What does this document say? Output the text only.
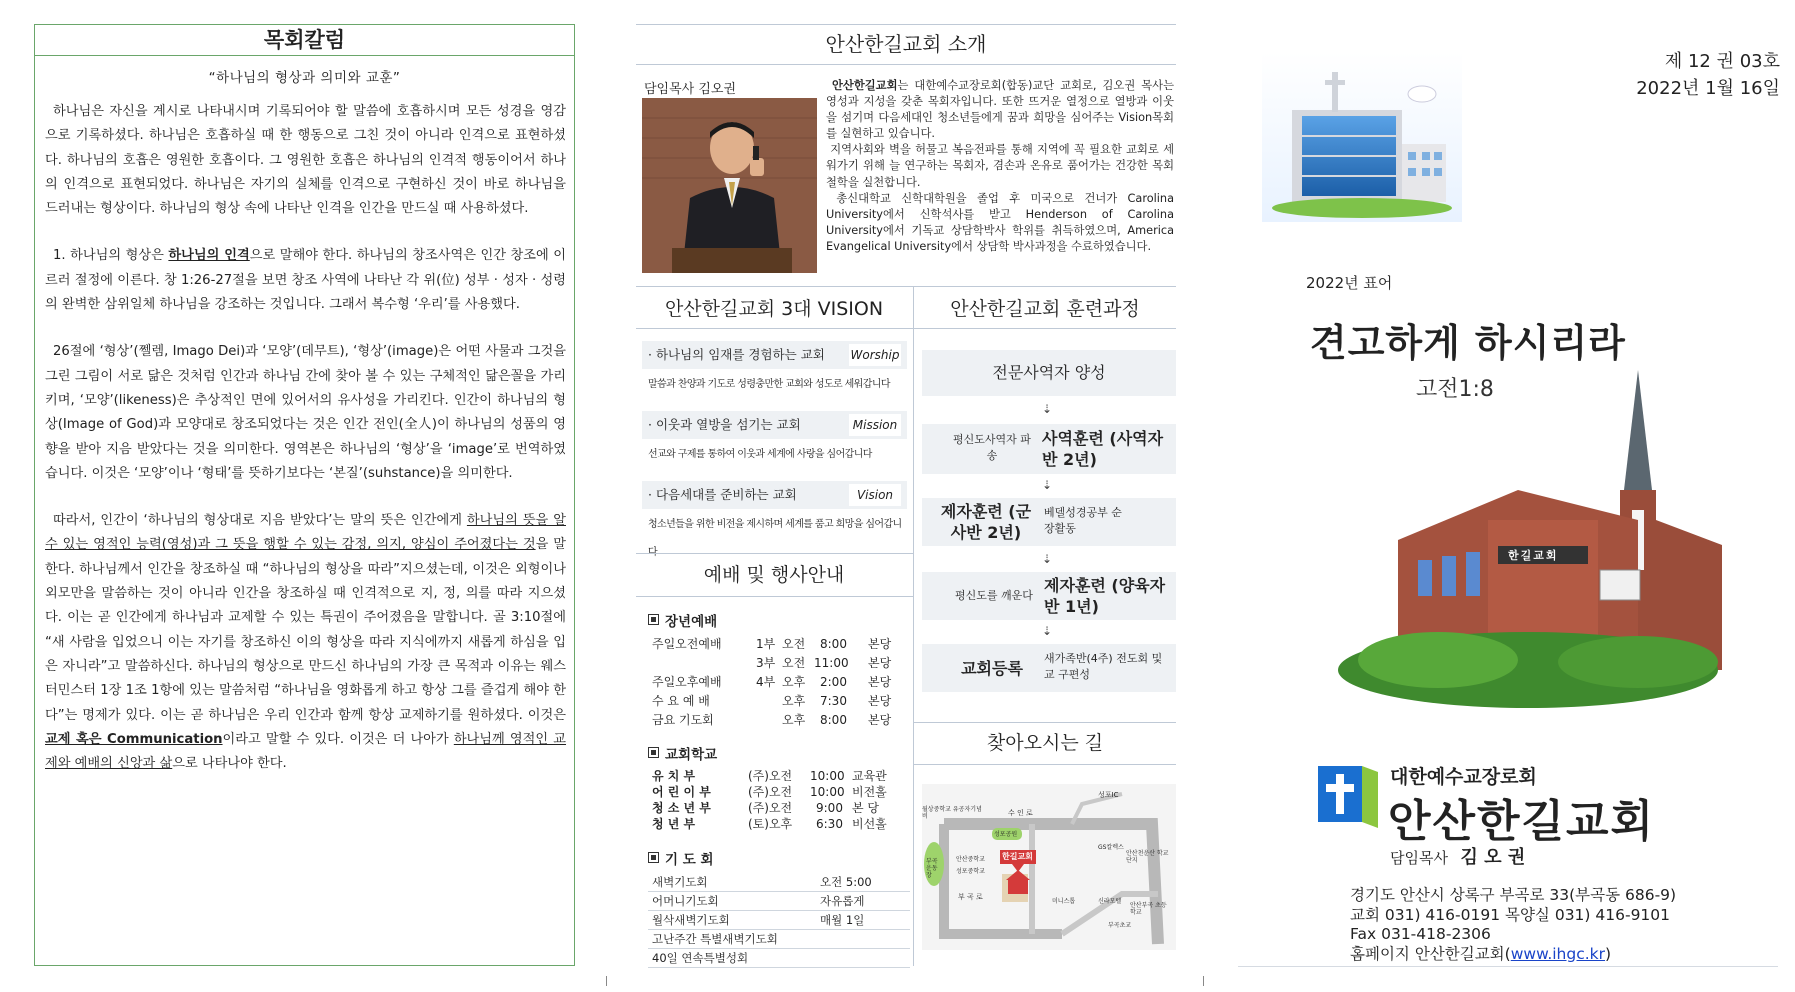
목회칼럼
“하나님의 형상과 의미와 교훈”

하나님은 자신을 계시로 나타내시며 기록되어야 할 말씀에 호흡하시며 모든 성경을 영감으로 기록하셨다. 하나님은 호흡하실 때 한 행동으로 그친 것이 아니라 인격으로 표현하셨다. 하나님의 호흡은 영원한 호흡이다. 그 영원한 호흡은 하나님의 인격적 행동이어서 하나의 인격으로 표현되었다. 하나님은 자기의 실체를 인격으로 구현하신 것이 바로 하나님을 드러내는 형상이다. 하나님의 형상 속에 나타난 인격을 인간을 만드실 때 사용하셨다.

1. 하나님의 형상은 하나님의 인격으로 말해야 한다. 하나님의 창조사역은 인간 창조에 이르러 절정에 이른다. 창 1:26-27절을 보면 창조 사역에 나타난 각 위(位) 성부 · 성자 · 성령의 완벽한 삼위일체 하나님을 강조하는 것입니다. 그래서 복수형 ‘우리’를 사용했다.

26절에 ‘형상’(쩰렘, Imago Dei)과 ‘모양’(데무트), ‘형상’(image)은 어떤 사물과 그것을 그린 그림이 서로 닮은 것처럼 인간과 하나님 간에 찾아 볼 수 있는 구체적인 닮은꼴을 가리키며, ‘모양’(likeness)은 추상적인 면에 있어서의 유사성을 가리킨다. 인간이 하나님의 형상(Image of God)과 모양대로 창조되었다는 것은 인간 전인(全人)이 하나님의 성품의 영향을 받아 지음 받았다는 것을 의미한다. 영역본은 하나님의 ‘형상’을 ‘image’로 번역하였습니다. 이것은 ‘모양’이나 ‘형태’를 뜻하기보다는 ‘본질’(suhstance)을 의미한다.

따라서, 인간이 ‘하나님의 형상대로 지음 받았다’는 말의 뜻은 인간에게 하나님의 뜻을 알 수 있는 영적인 능력(영성)과 그 뜻을 행할 수 있는 감정, 의지, 양심이 주어졌다는 것을 말한다. 하나님께서 인간을 창조하실 때 “하나님의 형상을 따라”지으셨는데, 이것은 외형이나 외모만을 말씀하는 것이 아니라 인간을 창조하실 때 인격적으로 지, 정, 의를 따라 지으셨다. 이는 곧 인간에게 하나님과 교제할 수 있는 특권이 주어졌음을 말합니다. 골 3:10절에 “새 사람을 입었으니 이는 자기를 창조하신 이의 형상을 따라 지식에까지 새롭게 하심을 입은 자니라”고 말씀하신다. 하나님의 형상으로 만드신 하나님의 가장 큰 목적과 이유는 웨스터민스터 1장 1조 1항에 있는 말씀처럼 “하나님을 영화롭게 하고 항상 그를 즐겁게 해야 한다”는 명제가 있다. 이는 곧 하나님은 우리 인간과 함께 항상 교제하기를 원하셨다. 이것은 교제 혹은 Communication이라고 말할 수 있다. 이것은 더 나아가 하나님께 영적인 교제와 예배의 신앙과 삶으로 나타나야 한다.

안산한길교회 소개
담임목사 김오권	안산한길교회는 대한예수교장로회(합동)교단 교회로, 김오권 목사는 영성과 지성을 갖춘 목회자입니다. 또한 뜨거운 열정으로 열방과 이웃을 섬기며 다음세대인 청소년들에게 꿈과 희망을 심어주는 Vision목회를 실현하고 있습니다.
지역사회와 벽을 허물고 복음전파를 통해 지역에 꼭 필요한 교회로 세워가기 위해 늘 연구하는 목회자, 겸손과 온유로 품어가는 건강한 목회철학을 실천합니다.
총신대학교 신학대학원을 졸업 후 미국으로 건너가 Carolina University에서 신학석사를 받고 Henderson of Carolina University에서 기독교 상담학박사 학위를 취득하였으며, America Evangelical University에서 상담학 박사과정을 수료하였습니다.
안산한길교회 3대 VISION	안산한길교회 훈련과정
· 하나님의 임재를 경험하는 교회 Worship
말씀과 찬양과 기도로 성령충만한 교회와 성도로 세워갑니다
· 이웃과 열방을 섬기는 교회	Mission
선교와 구제를 통하여 이웃과 세계에 사랑을 심어갑니다
· 다음세대를 준비하는 교회	Vision
청소년들을 위한 비전을 제시하며 세계를 품고 희망을 심어갑니
예배 및 행사안내
장년예배
주일오전예배	1부 오전 8:00 본당
3부 오전 11:00 본당
주일오후예배	4부 오후 2:00 본당
수 요 예 배	오후 7:30 본당
금요 기도회	오후 8:00 본당
교회학교
유 치 부	(주)오전 10:00 교육관
어 린 이 부	(주)오전 10:00 비전홀
청 소 년 부	(주)오전 9:00 본 당
청 년 부	(토)오후 6:30 비선홀
기 도 회
새벽기도회	오전 5:00
어머니기도회	자유롭게
월삭새벽기도회	매월 1일
고난주간 특별새벽기도회
40일 연속특별성회
전문사역자 양성
⇣
평신도사역자 파송
사역훈련 (사역자반 2년)
⇣
제자훈련 (군사반 2년)
베델성경공부 순장활동
⇣
평신도를 깨운다
제자훈련 (양육자반 1년)
⇣
교회등록
새가족반(4주) 전도회 및 교 구편성
찾아오시는 길
수 인 로
성포IC
월상중학교 유공자기념비
성포공원
안산중학교 한길교회
성포중학교
GS칼렉스
안산천운산 학교단지
부 곡 로
미니스톱	신라모텔
안산부곡 초등학교
부곡초교
부곡운동장
제 12 권 03호
2022년 1월 16일
2022년 표어
견고하게 하시리라
고전1:8
한길교회
대한예수교장로회
안산한길교회
담임목사 김 오 권
경기도 안산시 상록구 부곡로 33(부곡동 686-9)
교회 031) 416-0191 목양실 031) 416-9101
Fax 031-418-2306
홈페이지 안산한길교회(www.ihgc.kr)
